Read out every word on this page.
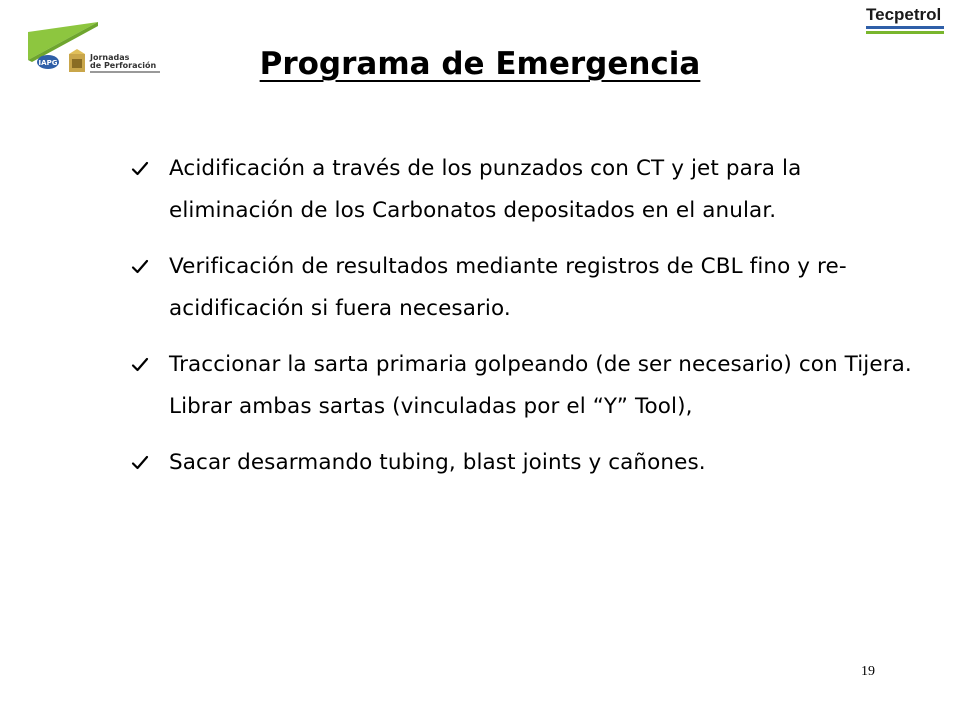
IAPG
Jornadas
de Perforación
Tecpetrol
Programa de Emergencia
Acidificación a través de los punzados con CT y jet para la eliminación de los Carbonatos depositados en el anular.
Verificación de resultados mediante registros de CBL fino y re-acidificación si fuera necesario.
Traccionar la sarta primaria golpeando (de ser necesario) con Tijera. Librar ambas sartas (vinculadas por el “Y” Tool),
Sacar desarmando tubing, blast joints y cañones.
19
